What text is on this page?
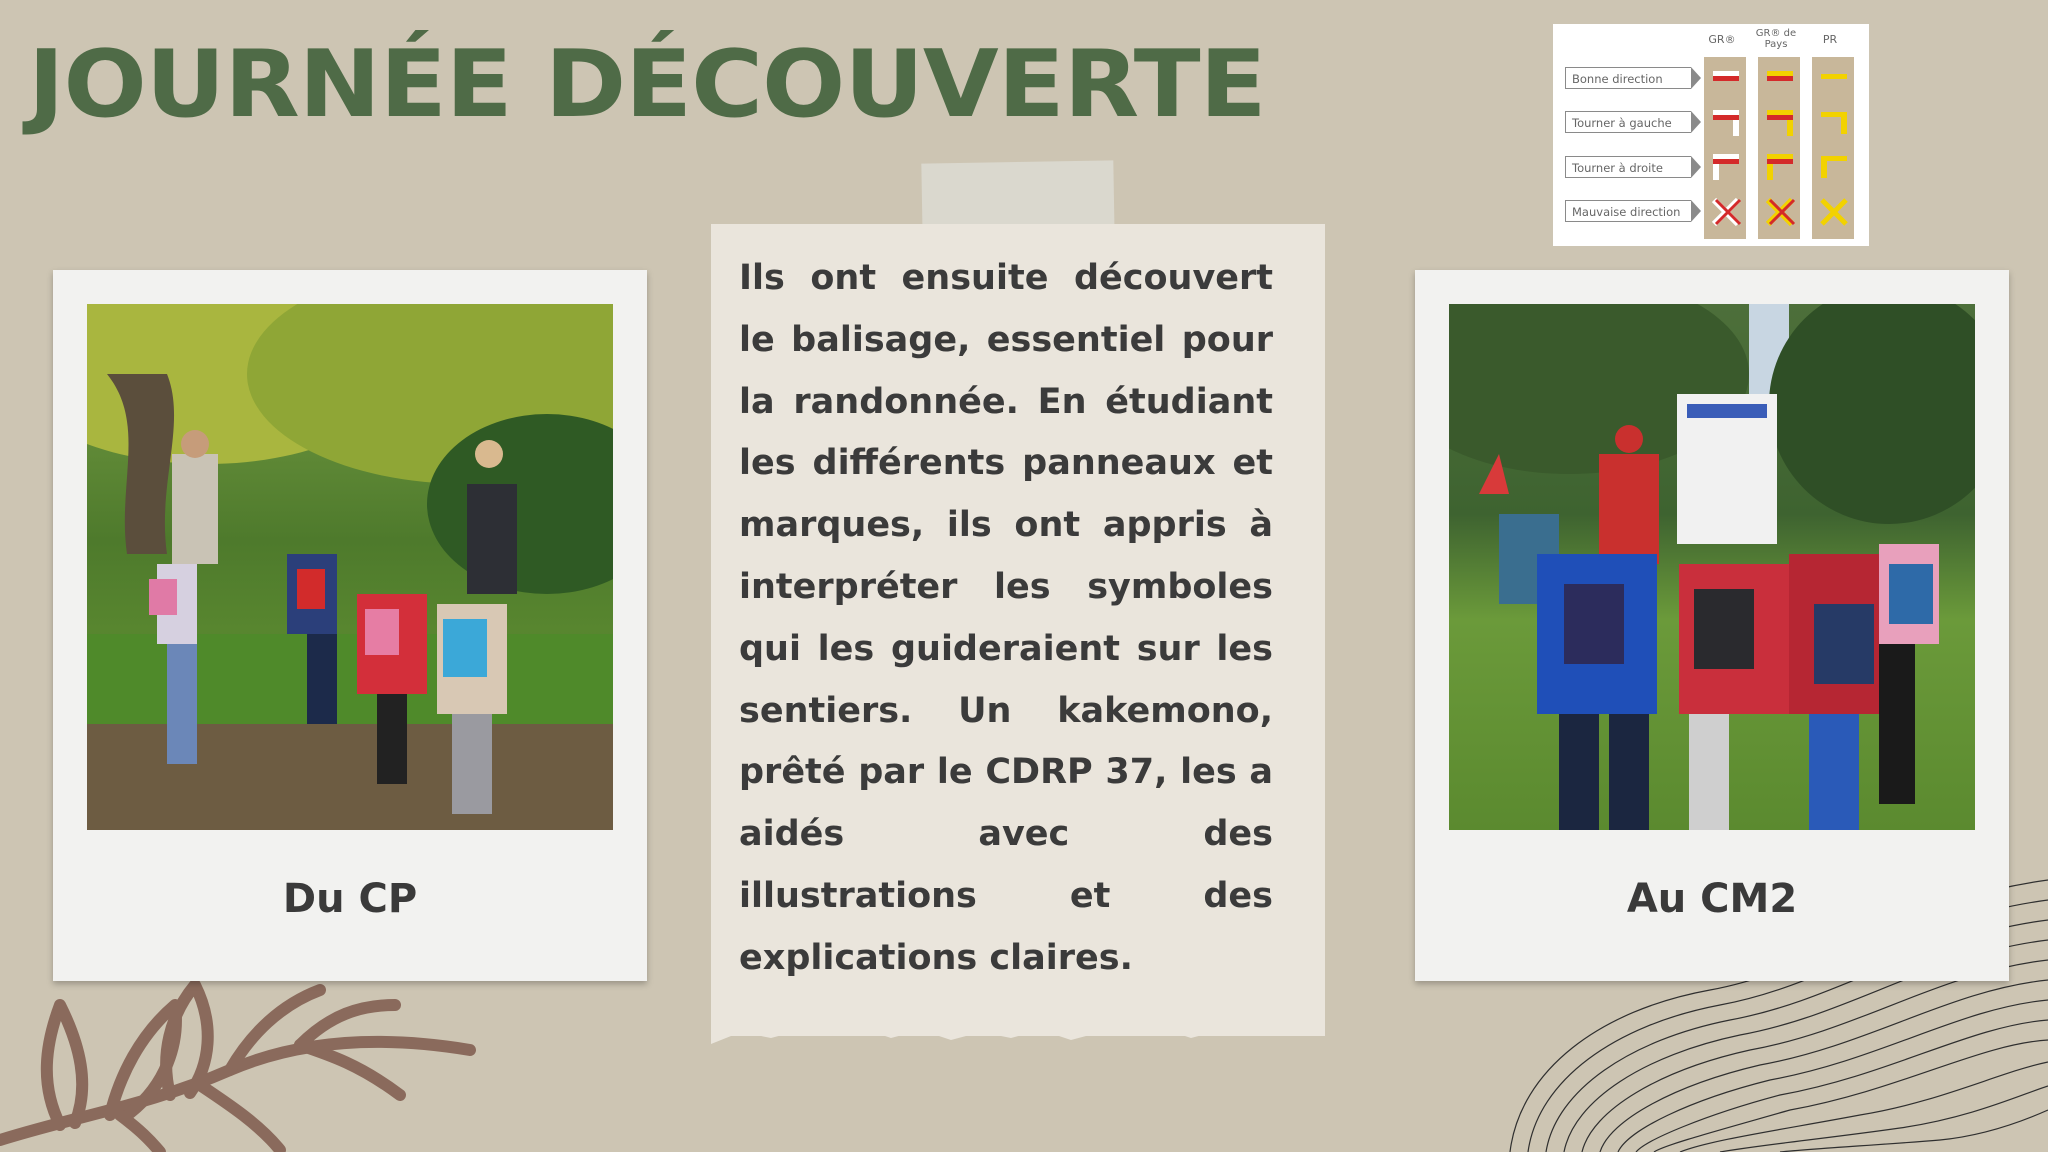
JOURNÉE DÉCOUVERTE
Du CP	Au CM2

Ils ont ensuite découvert le balisage, essentiel pour la randonnée. En étudiant les différents panneaux et marques, ils ont appris à interpréter les symboles qui les guideraient sur les sentiers. Un kakemono, prêté par le CDRP 37, les a aidés avec des illustrations et des explications claires.

GR®	GR® de Pays	PR
Bonne direction
Tourner à gauche
Tourner à droite
Mauvaise direction
